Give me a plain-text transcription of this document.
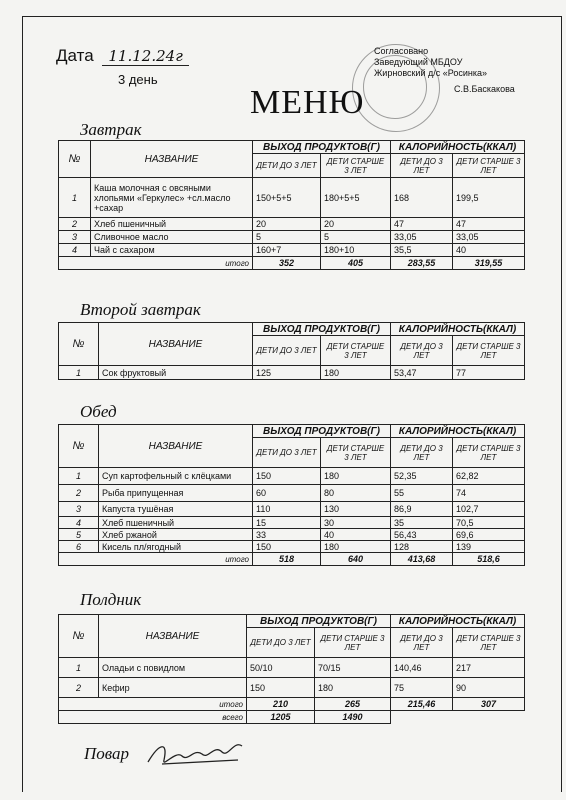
Дата 11.12.24г
3 день
Согласовано
Заведующий МБДОУ
Жирновский д/с «Росинка»
С.В.Баскакова
МЕНЮ
Завтрак
№	НАЗВАНИЕ	ВЫХОД ПРОДУКТОВ(Г)		КАЛОРИЙНОСТЬ(ККАЛ)	
		ДЕТИ ДО 3 ЛЕТ	ДЕТИ СТАРШЕ 3 ЛЕТ	ДЕТИ ДО 3 ЛЕТ	ДЕТИ СТАРШЕ 3 ЛЕТ
1	Каша молочная с овсяными хлопьями «Геркулес» +сл.масло +сахар	150+5+5	180+5+5	168	199,5
2	Хлеб пшеничный	20	20	47	47
3	Сливочное масло	5	5	33,05	33,05
4	Чай с сахаром	160+7	180+10	35,5	40
итого		352	405	283,55	319,55
Второй завтрак
№	НАЗВАНИЕ	ВЫХОД ПРОДУКТОВ(Г)		КАЛОРИЙНОСТЬ(ККАЛ)	
		ДЕТИ ДО 3 ЛЕТ	ДЕТИ СТАРШЕ 3 ЛЕТ	ДЕТИ ДО 3 ЛЕТ	ДЕТИ СТАРШЕ 3 ЛЕТ
1	Сок фруктовый	125	180	53,47	77
Обед
№	НАЗВАНИЕ	ВЫХОД ПРОДУКТОВ(Г)		КАЛОРИЙНОСТЬ(ККАЛ)	
		ДЕТИ ДО 3 ЛЕТ	ДЕТИ СТАРШЕ 3 ЛЕТ	ДЕТИ ДО 3 ЛЕТ	ДЕТИ СТАРШЕ 3 ЛЕТ
1	Суп картофельный с клёцками	150	180	52,35	62,82
2	Рыба припущенная	60	80	55	74
3	Капуста тушёная	110	130	86,9	102,7
4	Хлеб пшеничный	15	30	35	70,5
5	Хлеб ржаной	33	40	56,43	69,6
6	Кисель пл/ягодный	150	180	128	139
итого		518	640	413,68	518,6
Полдник
№	НАЗВАНИЕ	ВЫХОД ПРОДУКТОВ(Г)		КАЛОРИЙНОСТЬ(ККАЛ)	
		ДЕТИ ДО 3 ЛЕТ	ДЕТИ СТАРШЕ 3 ЛЕТ	ДЕТИ ДО 3 ЛЕТ	ДЕТИ СТАРШЕ 3 ЛЕТ
1	Оладьи с повидлом	50/10	70/15	140,46	217
2	Кефир	150	180	75	90
итого		210	265	215,46	307
всего		1205	1490		
Повар
